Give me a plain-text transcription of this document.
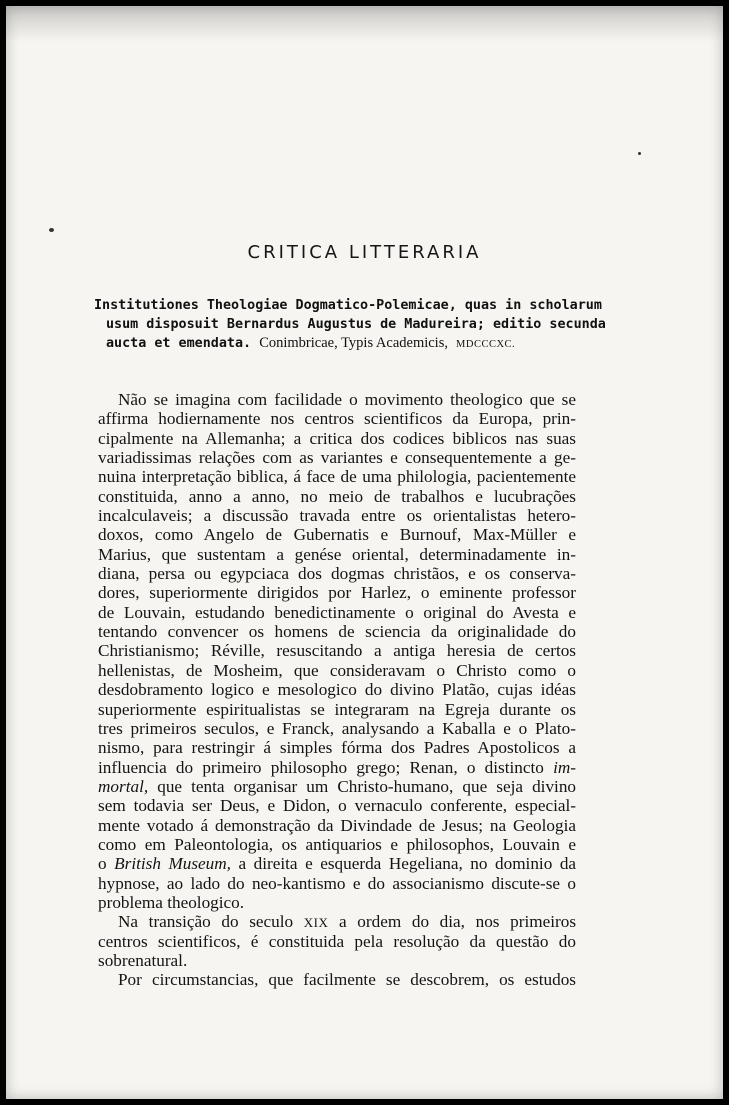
CRITICA LITTERARIA
Institutiones Theologiae Dogmatico-Polemicae, quas in scholarum
usum disposuit Bernardus Augustus de Madureira; editio secunda
aucta et emendata. Conimbricae, Typis Academicis, MDCCCXC.
Não se imagina com facilidade o movimento theologico que se
affirma hodiernamente nos centros scientificos da Europa, prin-
cipalmente na Allemanha; a critica dos codices biblicos nas suas
variadissimas relações com as variantes e consequentemente a ge-
nuina interpretação biblica, á face de uma philologia, pacientemente
constituida, anno a anno, no meio de trabalhos e lucubrações
incalculaveis; a discussão travada entre os orientalistas hetero-
doxos, como Angelo de Gubernatis e Burnouf, Max-Müller e
Marius, que sustentam a genése oriental, determinadamente in-
diana, persa ou egypciaca dos dogmas christãos, e os conserva-
dores, superiormente dirigidos por Harlez, o eminente professor
de Louvain, estudando benedictinamente o original do Avesta e
tentando convencer os homens de sciencia da originalidade do
Christianismo; Réville, resuscitando a antiga heresia de certos
hellenistas, de Mosheim, que consideravam o Christo como o
desdobramento logico e mesologico do divino Platão, cujas idéas
superiormente espiritualistas se integraram na Egreja durante os
tres primeiros seculos, e Franck, analysando a Kaballa e o Plato-
nismo, para restringir á simples fórma dos Padres Apostolicos a
influencia do primeiro philosopho grego; Renan, o distincto im-
mortal, que tenta organisar um Christo-humano, que seja divino
sem todavia ser Deus, e Didon, o vernaculo conferente, especial-
mente votado á demonstração da Divindade de Jesus; na Geologia
como em Paleontologia, os antiquarios e philosophos, Louvain e
o British Museum, a direita e esquerda Hegeliana, no dominio da
hypnose, ao lado do neo-kantismo e do associanismo discute-se o
problema theologico.
Na transição do seculo XIX a ordem do dia, nos primeiros
centros scientificos, é constituida pela resolução da questão do
sobrenatural.
Por circumstancias, que facilmente se descobrem, os estudos
